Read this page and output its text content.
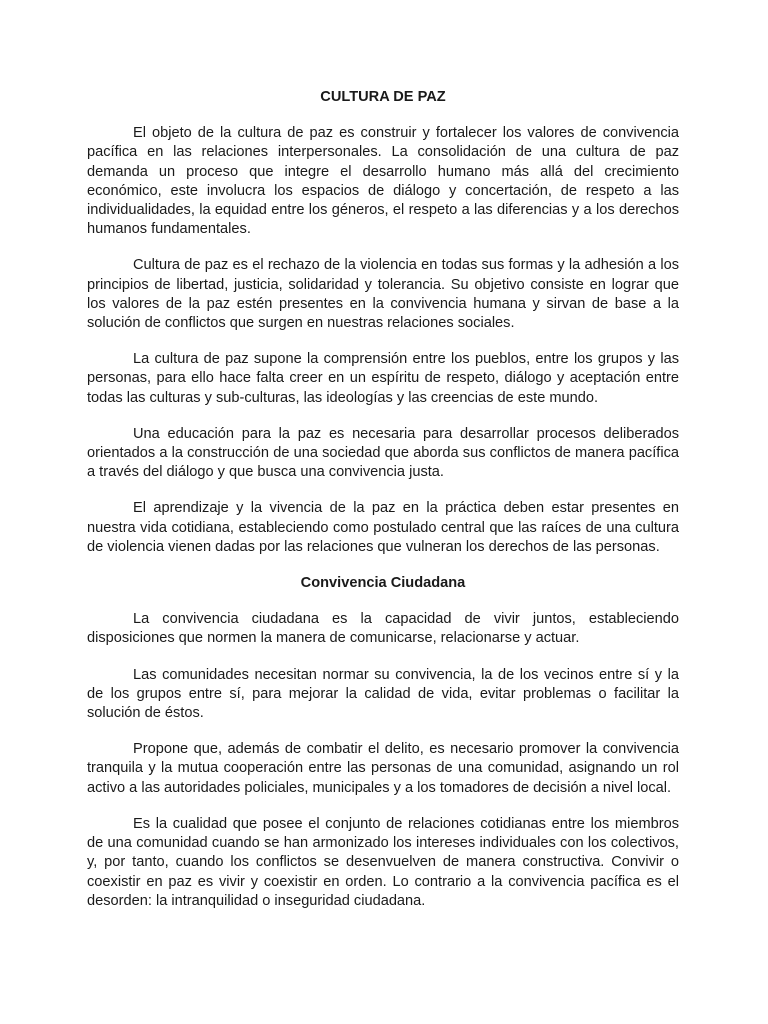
CULTURA DE PAZ

El objeto de la cultura de paz es construir y fortalecer los valores de convivencia pacífica en las relaciones interpersonales. La consolidación de una cultura de paz demanda un proceso que integre el desarrollo humano más allá del crecimiento económico, este involucra los espacios de diálogo y concertación, de respeto a las individualidades, la equidad entre los géneros, el respeto a las diferencias y a los derechos humanos fundamentales.

Cultura de paz es el rechazo de la violencia en todas sus formas y la adhesión a los principios de libertad, justicia, solidaridad y tolerancia. Su objetivo consiste en lograr que los valores de la paz estén presentes en la convivencia humana y sirvan de base a la solución de conflictos que surgen en nuestras relaciones sociales.

La cultura de paz supone la comprensión entre los pueblos, entre los grupos y las personas, para ello hace falta creer en un espíritu de respeto, diálogo y aceptación entre todas las culturas y sub-culturas, las ideologías y las creencias de este mundo.

Una educación para la paz es necesaria para desarrollar procesos deliberados orientados a la construcción de una sociedad que aborda sus conflictos de manera pacífica a través del diálogo y que busca una convivencia justa.

El aprendizaje y la vivencia de la paz en la práctica deben estar presentes en nuestra vida cotidiana, estableciendo como postulado central que las raíces de una cultura de violencia vienen dadas por las relaciones que vulneran los derechos de las personas.

Convivencia Ciudadana

La convivencia ciudadana es la capacidad de vivir juntos, estableciendo disposiciones que normen la manera de comunicarse, relacionarse y actuar.

Las comunidades necesitan normar su convivencia, la de los vecinos entre sí y la de los grupos entre sí, para mejorar la calidad de vida, evitar problemas o facilitar la solución de éstos.

Propone que, además de combatir el delito, es necesario promover la convivencia tranquila y la mutua cooperación entre las personas de una comunidad, asignando un rol activo a las autoridades policiales, municipales y a los tomadores de decisión a nivel local.

Es la cualidad que posee el conjunto de relaciones cotidianas entre los miembros de una comunidad cuando se han armonizado los intereses individuales con los colectivos, y, por tanto, cuando los conflictos se desenvuelven de manera constructiva. Convivir o coexistir en paz es vivir y coexistir en orden. Lo contrario a la convivencia pacífica es el desorden: la intranquilidad o inseguridad ciudadana.
